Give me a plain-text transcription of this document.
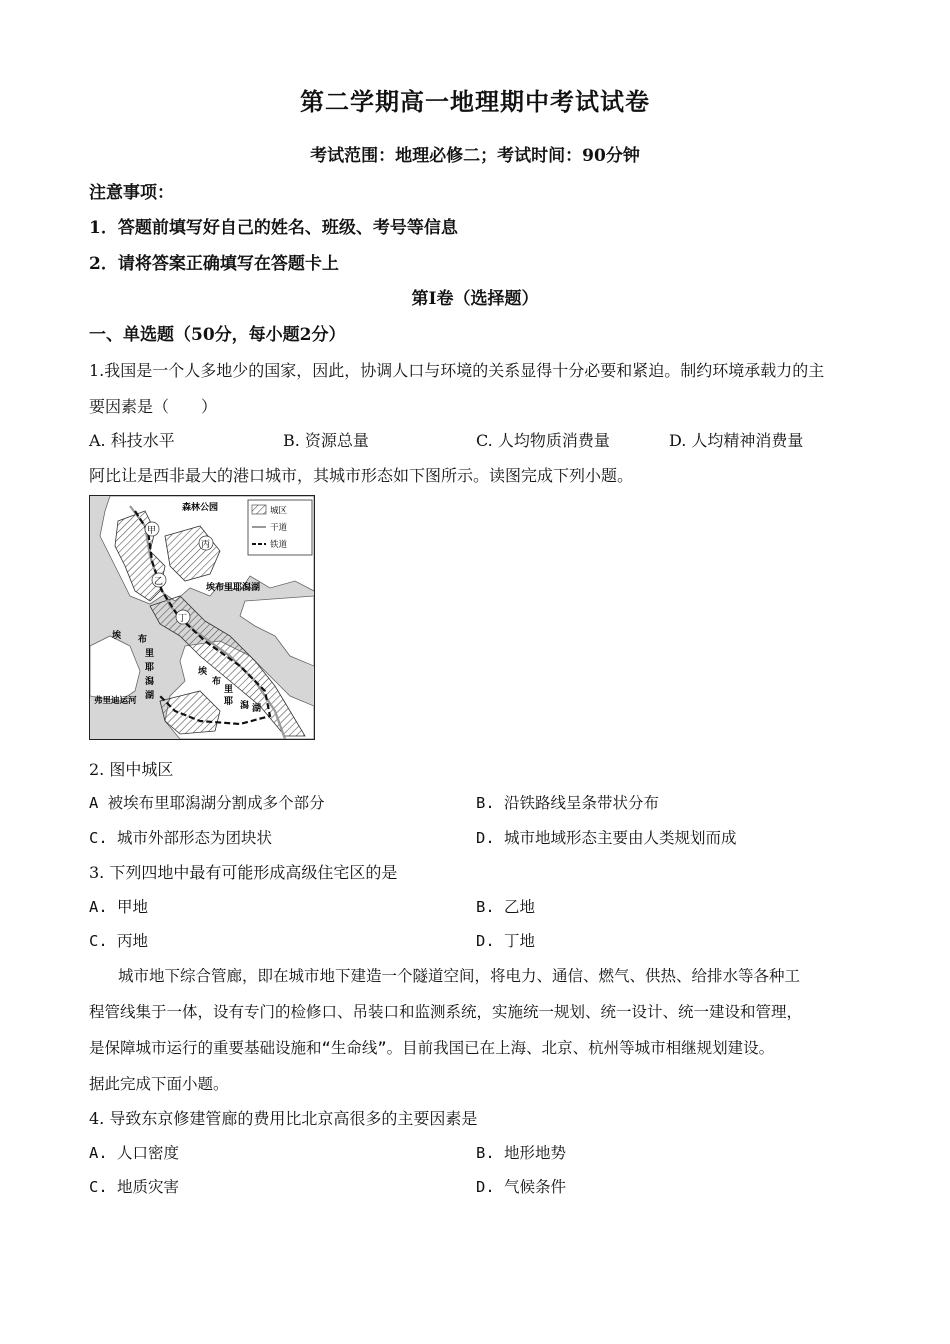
第二学期高一地理期中考试试卷
考试范围：地理必修二；考试时间：90分钟
注意事项：
1．答题前填写好自己的姓名、班级、考号等信息
2．请将答案正确填写在答题卡上
第Ⅰ卷（选择题）
一、单选题（50分，每小题2分）
1.我国是一个人多地少的国家，因此，协调人口与环境的关系显得十分必要和紧迫。制约环境承载力的主
要因素是（　　）
A. 科技水平	B. 资源总量	C. 人均物质消费量	D. 人均精神消费量
阿比让是西非最大的港口城市，其城市形态如下图所示。读图完成下列小题。
城区
干道
铁道
森林公园
甲
丙
乙
丁
埃布里耶潟湖
埃 布
里
耶
潟
湖
埃
布
里
耶 潟 湖
弗里迪运河
2. 图中城区
A 被埃布里耶潟湖分割成多个部分	B. 沿铁路线呈条带状分布
C. 城市外部形态为团块状	D. 城市地域形态主要由人类规划而成
3. 下列四地中最有可能形成高级住宅区的是
A. 甲地	B. 乙地
C. 丙地	D. 丁地
城市地下综合管廊，即在城市地下建造一个隧道空间，将电力、通信、燃气、供热、给排水等各种工
程管线集于一体，设有专门的检修口、吊装口和监测系统，实施统一规划、统一设计、统一建设和管理，
是保障城市运行的重要基础设施和“生命线”。目前我国已在上海、北京、杭州等城市相继规划建设。
据此完成下面小题。
4. 导致东京修建管廊的费用比北京高很多的主要因素是
A. 人口密度	B. 地形地势
C. 地质灾害	D. 气候条件
